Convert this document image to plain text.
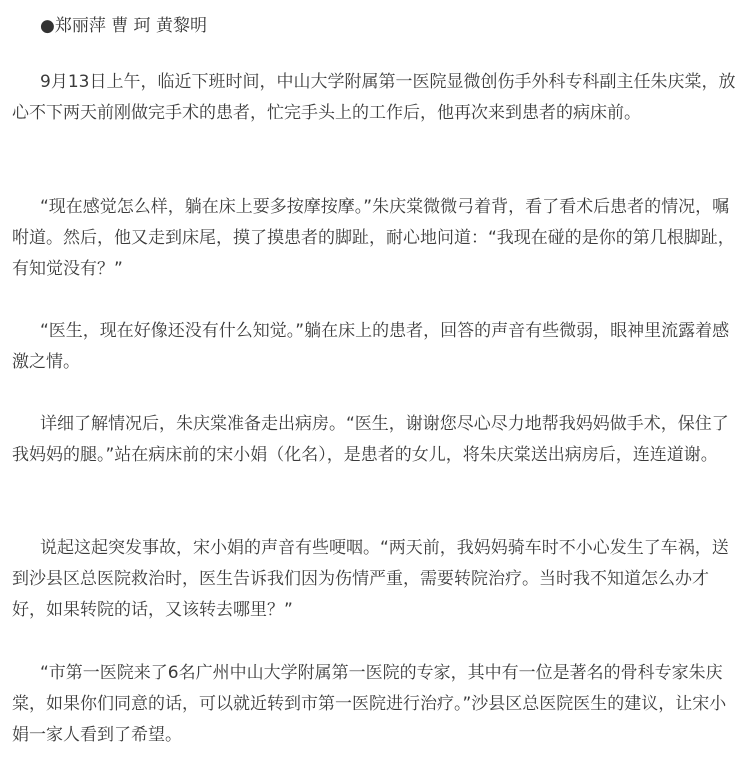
●郑丽萍 曹 珂 黄黎明

9月13日上午，临近下班时间，中山大学附属第一医院显微创伤手外科专科副主任朱庆棠，放心不下两天前刚做完手术的患者，忙完手头上的工作后，他再次来到患者的病床前。

“现在感觉怎么样，躺在床上要多按摩按摩。”朱庆棠微微弓着背，看了看术后患者的情况，嘱咐道。然后，他又走到床尾，摸了摸患者的脚趾，耐心地问道：“我现在碰的是你的第几根脚趾，有知觉没有？”

“医生，现在好像还没有什么知觉。”躺在床上的患者，回答的声音有些微弱，眼神里流露着感激之情。

详细了解情况后，朱庆棠准备走出病房。“医生，谢谢您尽心尽力地帮我妈妈做手术，保住了我妈妈的腿。”站在病床前的宋小娟（化名），是患者的女儿，将朱庆棠送出病房后，连连道谢。

说起这起突发事故，宋小娟的声音有些哽咽。“两天前，我妈妈骑车时不小心发生了车祸，送到沙县区总医院救治时，医生告诉我们因为伤情严重，需要转院治疗。当时我不知道怎么办才好，如果转院的话，又该转去哪里？”

“市第一医院来了6名广州中山大学附属第一医院的专家，其中有一位是著名的骨科专家朱庆棠，如果你们同意的话，可以就近转到市第一医院进行治疗。”沙县区总医院医生的建议，让宋小娟一家人看到了希望。
